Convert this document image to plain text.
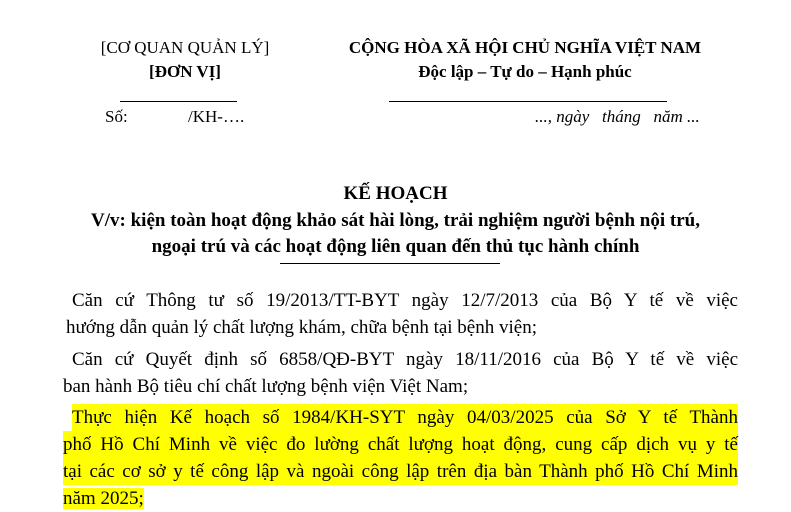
[CƠ QUAN QUẢN LÝ]
[ĐƠN VỊ]
CỘNG HÒA XÃ HỘI CHỦ NGHĨA VIỆT NAM
Độc lập – Tự do – Hạnh phúc
Số:	/KH-….	..., ngày   tháng   năm ...
KẾ HOẠCH
V/v: kiện toàn hoạt động khảo sát hài lòng, trải nghiệm người bệnh nội trú,
ngoại trú và các hoạt động liên quan đến thủ tục hành chính
Căn cứ Thông tư số 19/2013/TT-BYT ngày 12/7/2013 của Bộ Y tế về việc
hướng dẫn quản lý chất lượng khám, chữa bệnh tại bệnh viện;
Căn cứ Quyết định số 6858/QĐ-BYT ngày 18/11/2016 của Bộ Y tế về việc
ban hành Bộ tiêu chí chất lượng bệnh viện Việt Nam;
Thực hiện Kế hoạch số 1984/KH-SYT ngày 04/03/2025 của Sở Y tế Thành
phố Hồ Chí Minh về việc đo lường chất lượng hoạt động, cung cấp dịch vụ y tế
tại các cơ sở y tế công lập và ngoài công lập trên địa bàn Thành phố Hồ Chí Minh
năm 2025;
